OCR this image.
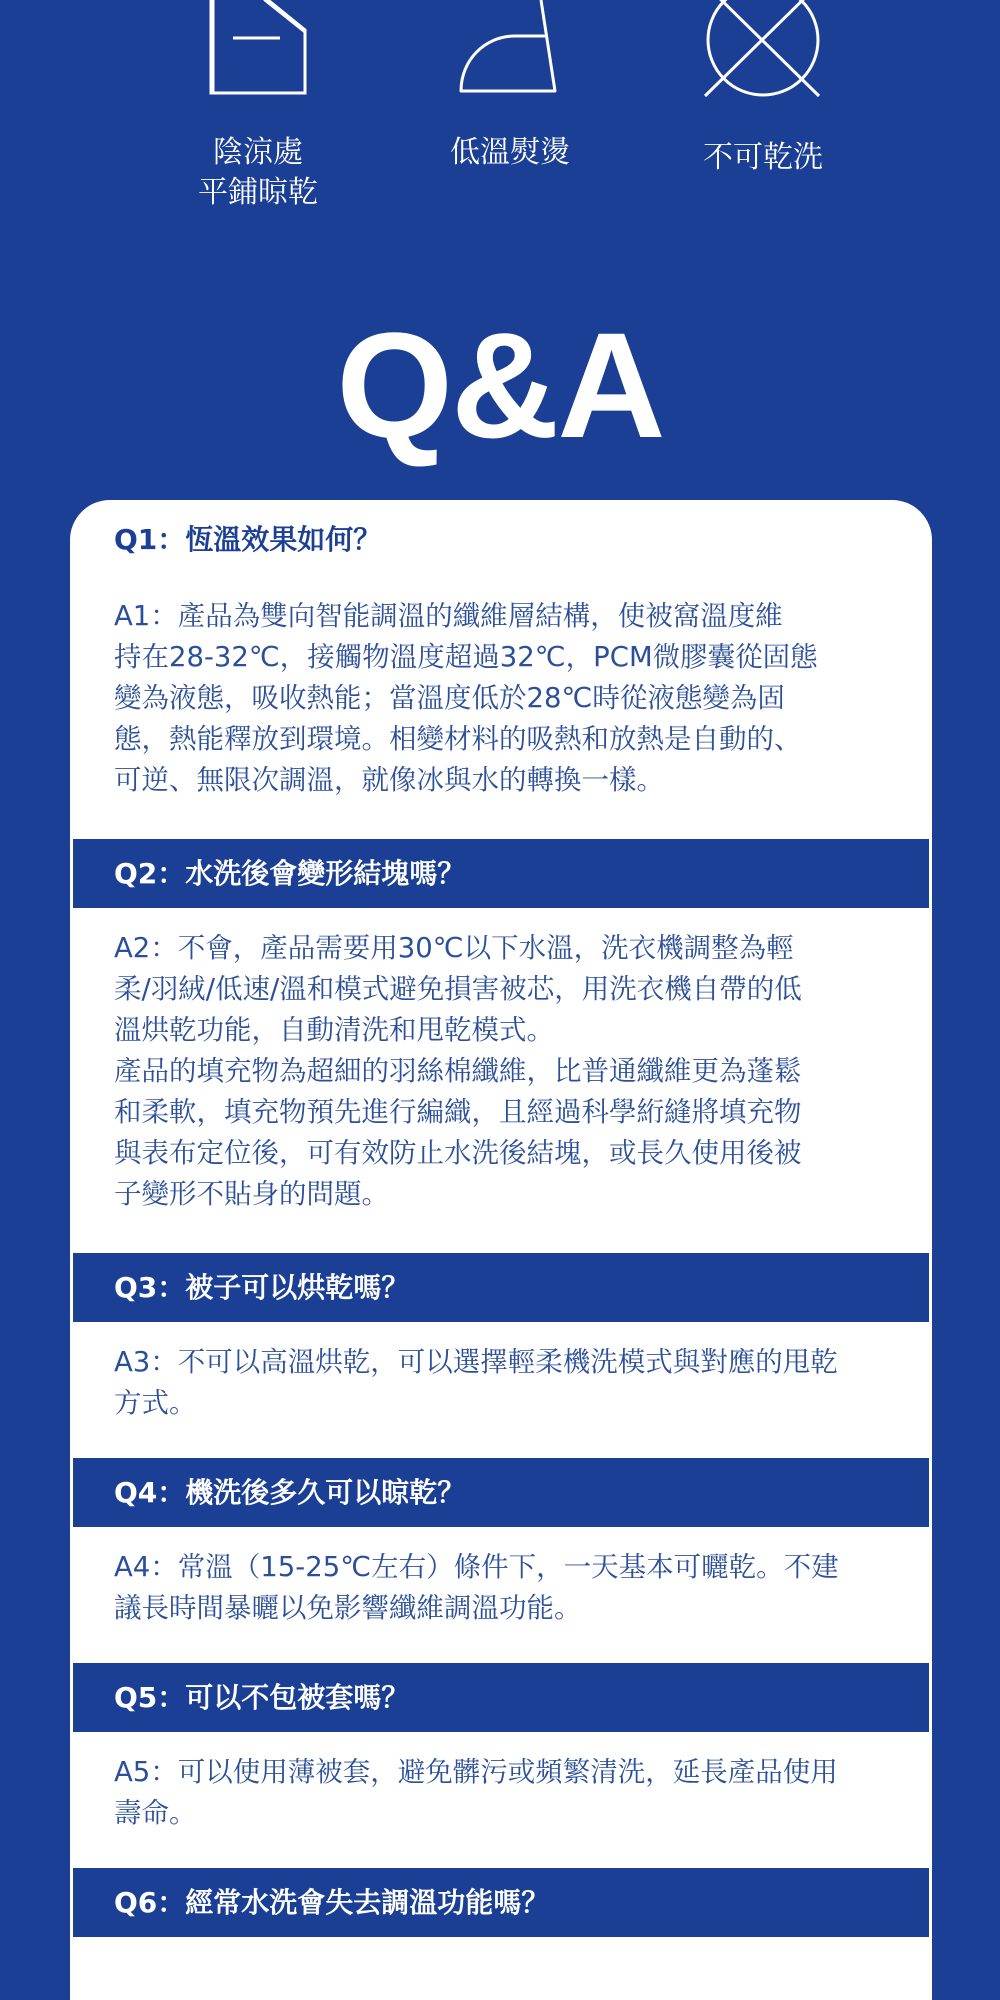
陰涼處
平鋪晾乾
低溫熨燙	不可乾洗
Q&A
Q1：恆溫效果如何？
A1：產品為雙向智能調溫的纖維層結構，使被窩溫度維
持在28-32℃，接觸物溫度超過32℃，PCM微膠囊從固態
變為液態，吸收熱能；當溫度低於28℃時從液態變為固
態，熱能釋放到環境。相變材料的吸熱和放熱是自動的、
可逆、無限次調溫，就像冰與水的轉換一樣。
Q2：水洗後會變形結塊嗎？
A2：不會，產品需要用30℃以下水溫，洗衣機調整為輕
柔/羽絨/低速/溫和模式避免損害被芯，用洗衣機自帶的低
溫烘乾功能，自動清洗和甩乾模式。
產品的填充物為超細的羽絲棉纖維，比普通纖維更為蓬鬆
和柔軟，填充物預先進行編織，且經過科學絎縫將填充物
與表布定位後，可有效防止水洗後結塊，或長久使用後被
子變形不貼身的問題。
Q3：被子可以烘乾嗎？
A3：不可以高溫烘乾，可以選擇輕柔機洗模式與對應的甩乾
方式。
Q4：機洗後多久可以晾乾？
A4：常溫（15-25℃左右）條件下，一天基本可曬乾。不建
議長時間暴曬以免影響纖維調溫功能。
Q5：可以不包被套嗎？
A5：可以使用薄被套，避免髒污或頻繁清洗，延長產品使用
壽命。
Q6：經常水洗會失去調溫功能嗎？
